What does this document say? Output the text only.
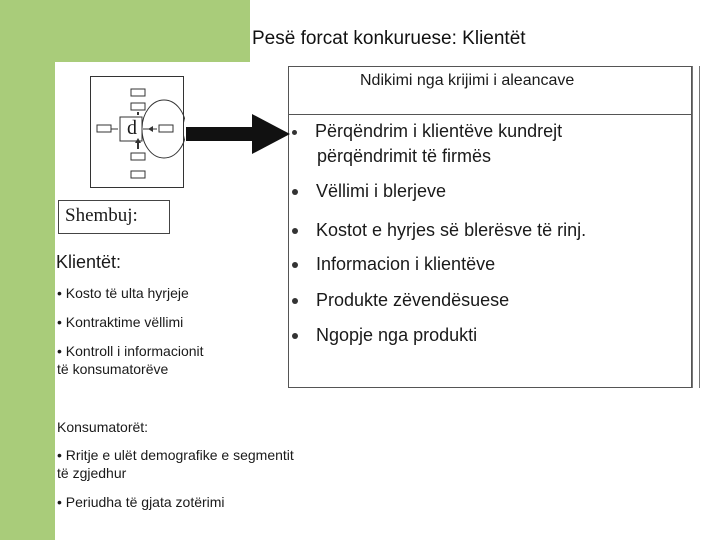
Pesë forcat konkuruese: Klientët
Ndikimi nga krijimi i aleancave
Përqëndrim i klientëve kundrejt
përqëndrimit të firmës
Vëllimi i blerjeve
Kostot e hyrjes së blerësve të rinj.
Informacion i klientëve
Produkte zëvendësuese
Ngopje nga produkti
d
Shembuj:
Klientët:
• Kosto të ulta hyrjeje
• Kontraktime vëllimi
• Kontroll i informacionit
të konsumatorëve
Konsumatorët:
• Rritje e ulët demografike e segmentit
të zgjedhur
• Periudha të gjata zotërimi
